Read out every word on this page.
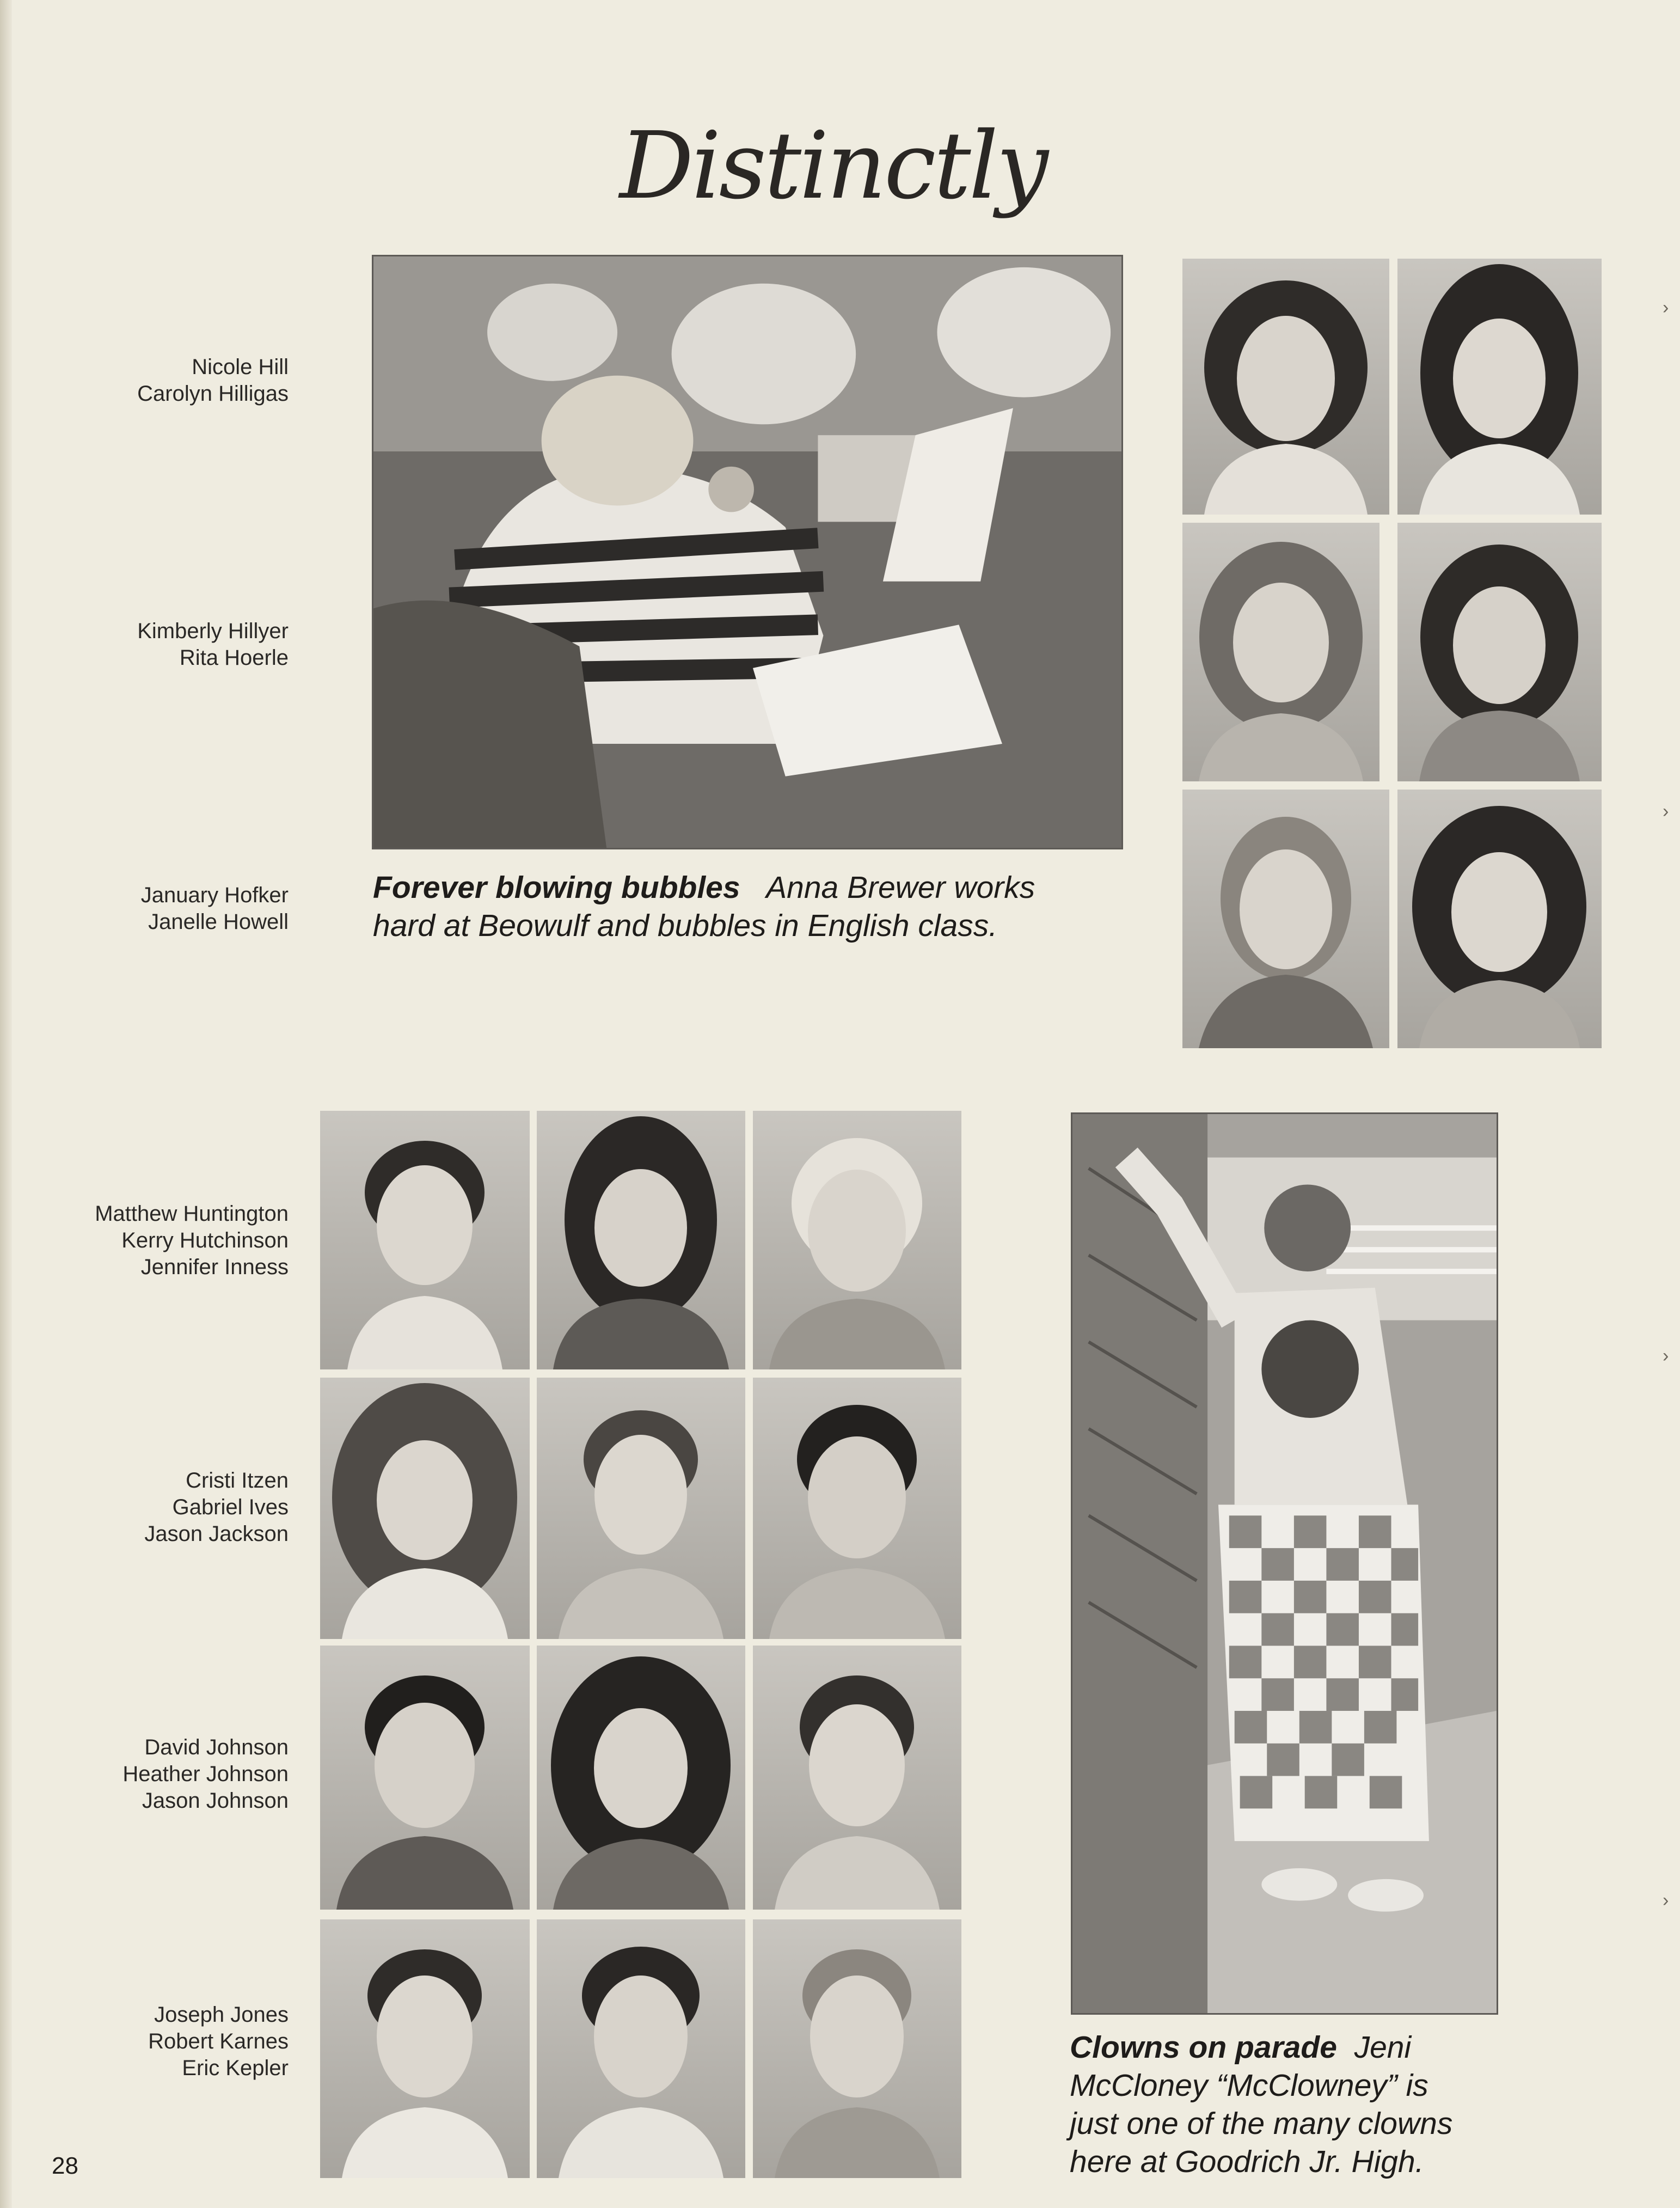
Distinctly
Forever blowing bubbles Anna Brewer works
hard at Beowulf and bubbles in English class.
Clowns on parade Jeni
McCloney “McClowney” is
just one of the many clowns
here at Goodrich Jr. High.
Nicole Hill
Carolyn Hilligas
Kimberly Hillyer
Rita Hoerle
January Hofker
Janelle Howell
Matthew Huntington
Kerry Hutchinson
Jennifer Inness
Cristi Itzen
Gabriel Ives
Jason Jackson
David Johnson
Heather Johnson
Jason Johnson
Joseph Jones
Robert Karnes
Eric Kepler
28
›
›
›
›
